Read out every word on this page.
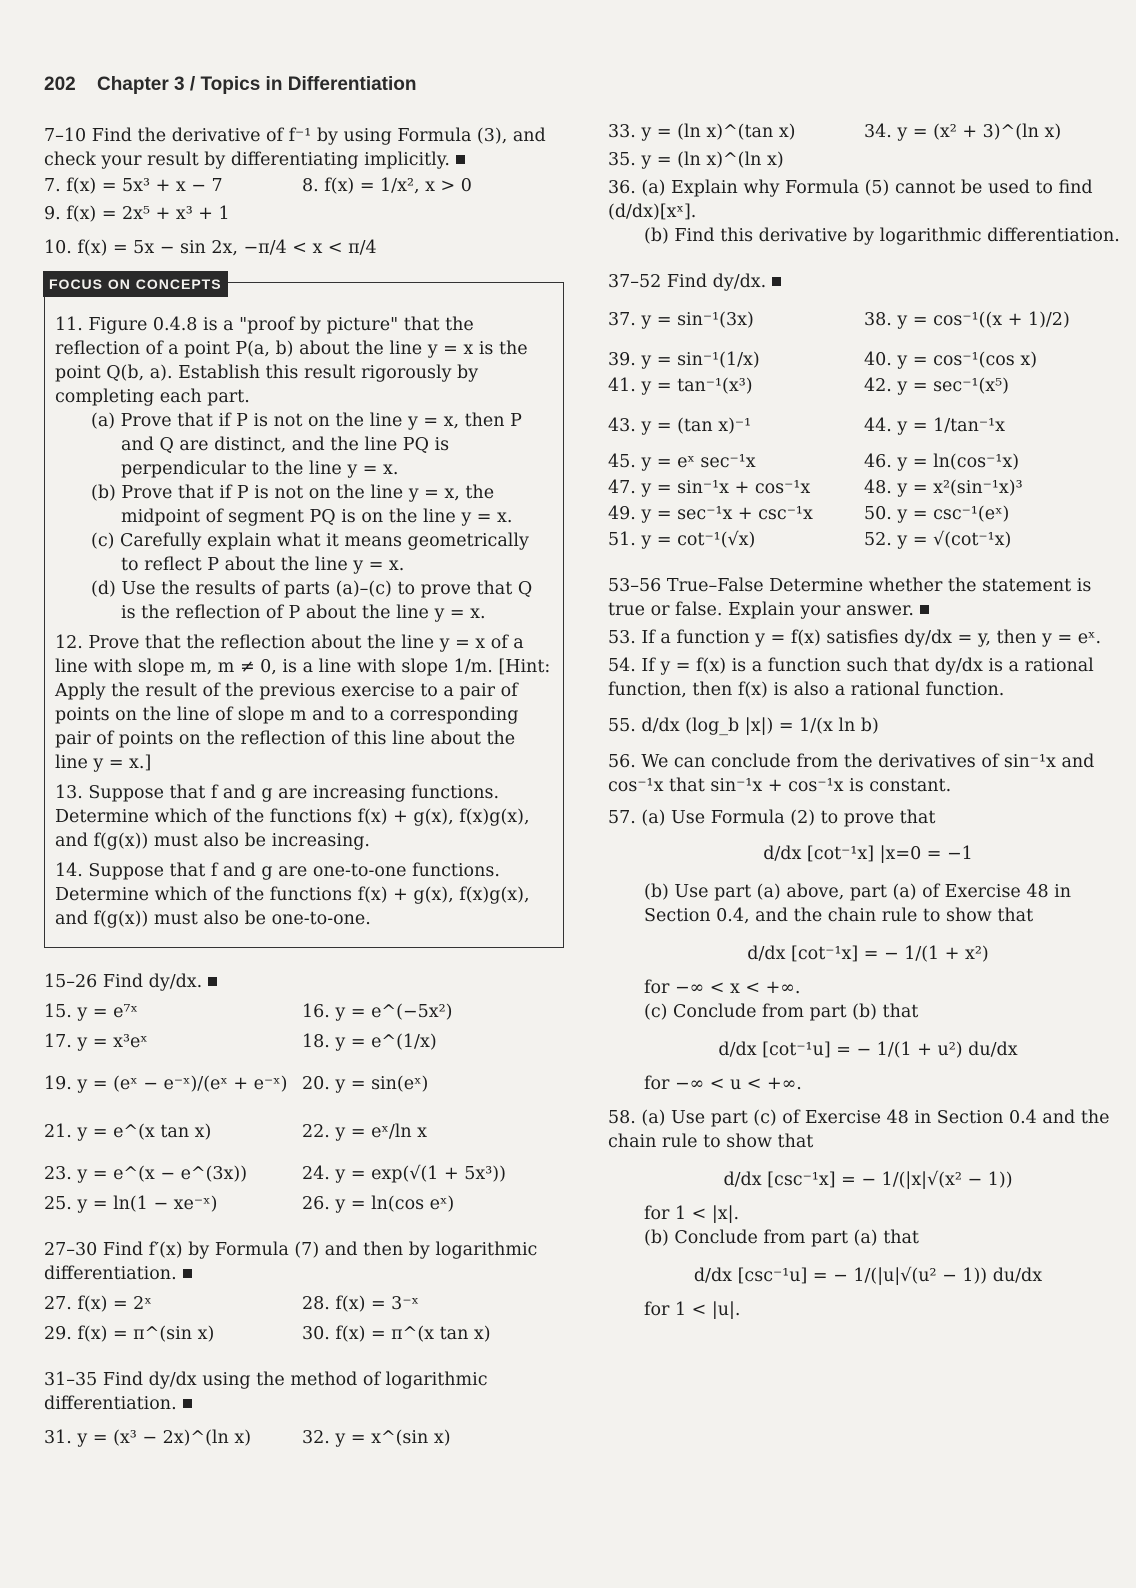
202 Chapter 3 / Topics in Differentiation
7–10 Find the derivative of f⁻¹ by using Formula (3), and check your result by differentiating implicitly.
7. f(x) = 5x³ + x − 7	8. f(x) = 1/x², x > 0
9. f(x) = 2x⁵ + x³ + 1
10. f(x) = 5x − sin 2x, −π/4 < x < π/4
FOCUS ON CONCEPTS
11. Figure 0.4.8 is a "proof by picture" that the reflection of a point P(a, b) about the line y = x is the point Q(b, a). Establish this result rigorously by completing each part.
(a) Prove that if P is not on the line y = x, then P and Q are distinct, and the line PQ is perpendicular to the line y = x.
(b) Prove that if P is not on the line y = x, the midpoint of segment PQ is on the line y = x.
(c) Carefully explain what it means geometrically to reflect P about the line y = x.
(d) Use the results of parts (a)–(c) to prove that Q is the reflection of P about the line y = x.
12. Prove that the reflection about the line y = x of a line with slope m, m ≠ 0, is a line with slope 1/m. [Hint: Apply the result of the previous exercise to a pair of points on the line of slope m and to a corresponding pair of points on the reflection of this line about the line y = x.]
13. Suppose that f and g are increasing functions. Determine which of the functions f(x) + g(x), f(x)g(x), and f(g(x)) must also be increasing.
14. Suppose that f and g are one-to-one functions. Determine which of the functions f(x) + g(x), f(x)g(x), and f(g(x)) must also be one-to-one.
15–26 Find dy/dx.
15. y = e⁷ˣ	16. y = e^(−5x²)
17. y = x³eˣ	18. y = e^(1/x)
19. y = (eˣ − e⁻ˣ)/(eˣ + e⁻ˣ) 20. y = sin(eˣ)
21. y = e^(x tan x)	22. y = eˣ/ln x
23. y = e^(x − e^(3x))	24. y = exp(√(1 + 5x³))
25. y = ln(1 − xe⁻ˣ)	26. y = ln(cos eˣ)
27–30 Find f′(x) by Formula (7) and then by logarithmic differentiation.
27. f(x) = 2ˣ	28. f(x) = 3⁻ˣ
29. f(x) = π^(sin x)	30. f(x) = π^(x tan x)
31–35 Find dy/dx using the method of logarithmic differentiation.
31. y = (x³ − 2x)^(ln x)	32. y = x^(sin x)
33. y = (ln x)^(tan x)	34. y = (x² + 3)^(ln x)
35. y = (ln x)^(ln x)
36. (a) Explain why Formula (5) cannot be used to find (d/dx)[xˣ].
(b) Find this derivative by logarithmic differentiation.
37–52 Find dy/dx.
37. y = sin⁻¹(3x)	38. y = cos⁻¹((x + 1)/2)
39. y = sin⁻¹(1/x)	40. y = cos⁻¹(cos x)
41. y = tan⁻¹(x³)	42. y = sec⁻¹(x⁵)
43. y = (tan x)⁻¹	44. y = 1/tan⁻¹x
45. y = eˣ sec⁻¹x	46. y = ln(cos⁻¹x)
47. y = sin⁻¹x + cos⁻¹x	48. y = x²(sin⁻¹x)³
49. y = sec⁻¹x + csc⁻¹x	50. y = csc⁻¹(eˣ)
51. y = cot⁻¹(√x)	52. y = √(cot⁻¹x)
53–56 True–False Determine whether the statement is true or false. Explain your answer.
53. If a function y = f(x) satisfies dy/dx = y, then y = eˣ.
54. If y = f(x) is a function such that dy/dx is a rational function, then f(x) is also a rational function.
55. d/dx (log_b |x|) = 1/(x ln b)
56. We can conclude from the derivatives of sin⁻¹x and cos⁻¹x that sin⁻¹x + cos⁻¹x is constant.
57. (a) Use Formula (2) to prove that
d/dx [cot⁻¹x] |x=0 = −1
(b) Use part (a) above, part (a) of Exercise 48 in Section 0.4, and the chain rule to show that
d/dx [cot⁻¹x] = − 1/(1 + x²)
for −∞ < x < +∞.
(c) Conclude from part (b) that
d/dx [cot⁻¹u] = − 1/(1 + u²) du/dx
for −∞ < u < +∞.
58. (a) Use part (c) of Exercise 48 in Section 0.4 and the chain rule to show that
d/dx [csc⁻¹x] = − 1/(|x|√(x² − 1))
for 1 < |x|.
(b) Conclude from part (a) that
d/dx [csc⁻¹u] = − 1/(|u|√(u² − 1)) du/dx
for 1 < |u|.
